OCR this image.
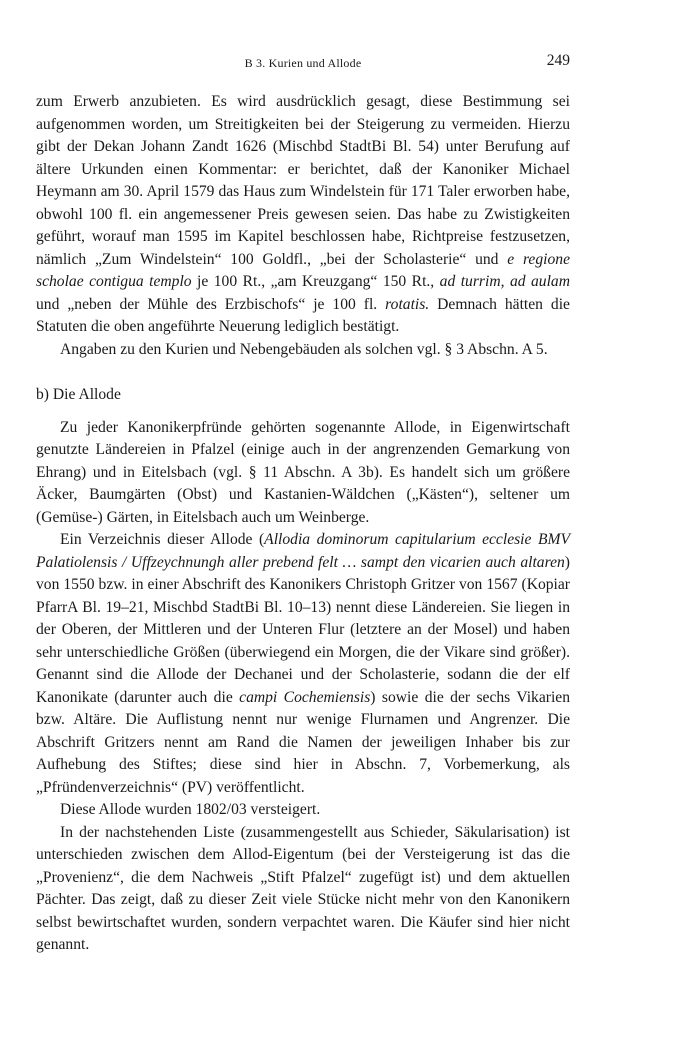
B 3. Kurien und Allode	249

zum Erwerb anzubieten. Es wird ausdrücklich gesagt, diese Bestimmung sei aufgenommen worden, um Streitigkeiten bei der Steigerung zu vermeiden. Hierzu gibt der Dekan Johann Zandt 1626 (Mischbd StadtBi Bl. 54) unter Berufung auf ältere Urkunden einen Kommentar: er berichtet, daß der Kanoniker Michael Heymann am 30. April 1579 das Haus zum Windelstein für 171 Taler erworben habe, obwohl 100 fl. ein angemessener Preis gewesen seien. Das habe zu Zwistigkeiten geführt, worauf man 1595 im Kapitel beschlossen habe, Richtpreise festzusetzen, nämlich „Zum Windelstein“ 100 Goldfl., „bei der Scholasterie“ und e regione scholae contigua templo je 100 Rt., „am Kreuzgang“ 150 Rt., ad turrim, ad aulam und „neben der Mühle des Erzbischofs“ je 100 fl. rotatis. Demnach hätten die Statuten die oben angeführte Neuerung lediglich bestätigt.

Angaben zu den Kurien und Nebengebäuden als solchen vgl. § 3 Abschn. A 5.

b) Die Allode

Zu jeder Kanonikerpfründe gehörten sogenannte Allode, in Eigenwirtschaft genutzte Ländereien in Pfalzel (einige auch in der angrenzenden Gemarkung von Ehrang) und in Eitelsbach (vgl. § 11 Abschn. A 3b). Es handelt sich um größere Äcker, Baumgärten (Obst) und Kastanien-Wäldchen („Kästen“), seltener um (Gemüse-) Gärten, in Eitelsbach auch um Weinberge.

Ein Verzeichnis dieser Allode (Allodia dominorum capitularium ecclesie BMV Palatiolensis / Uffzeychnungh aller prebend felt … sampt den vicarien auch altaren) von 1550 bzw. in einer Abschrift des Kanonikers Christoph Gritzer von 1567 (Kopiar PfarrA Bl. 19–21, Mischbd StadtBi Bl. 10–13) nennt diese Ländereien. Sie liegen in der Oberen, der Mittleren und der Unteren Flur (letztere an der Mosel) und haben sehr unterschiedliche Größen (überwiegend ein Morgen, die der Vikare sind größer). Genannt sind die Allode der Dechanei und der Scholasterie, sodann die der elf Kanonikate (darunter auch die campi Cochemiensis) sowie die der sechs Vikarien bzw. Altäre. Die Auflistung nennt nur wenige Flurnamen und Angrenzer. Die Abschrift Gritzers nennt am Rand die Namen der jeweiligen Inhaber bis zur Aufhebung des Stiftes; diese sind hier in Abschn. 7, Vorbemerkung, als „Pfründenverzeichnis“ (PV) veröffentlicht.

Diese Allode wurden 1802/03 versteigert.

In der nachstehenden Liste (zusammengestellt aus Schieder, Säkularisation) ist unterschieden zwischen dem Allod-Eigentum (bei der Versteigerung ist das die „Provenienz“, die dem Nachweis „Stift Pfalzel“ zugefügt ist) und dem aktuellen Pächter. Das zeigt, daß zu dieser Zeit viele Stücke nicht mehr von den Kanonikern selbst bewirtschaftet wurden, sondern verpachtet waren. Die Käufer sind hier nicht genannt.
